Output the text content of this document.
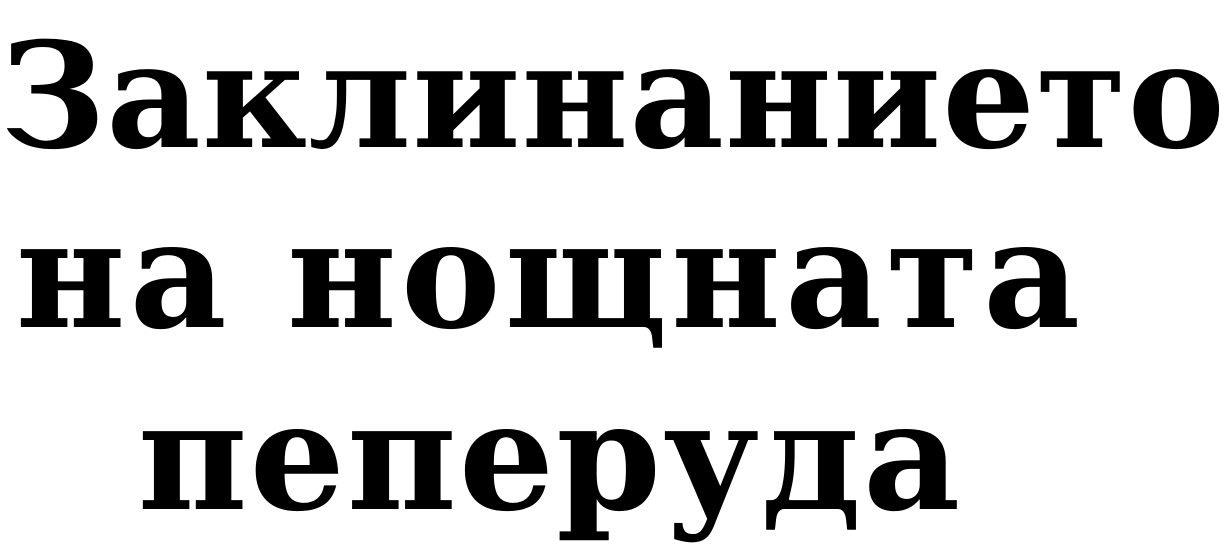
Заклинанието
на нощната
пеперуда
